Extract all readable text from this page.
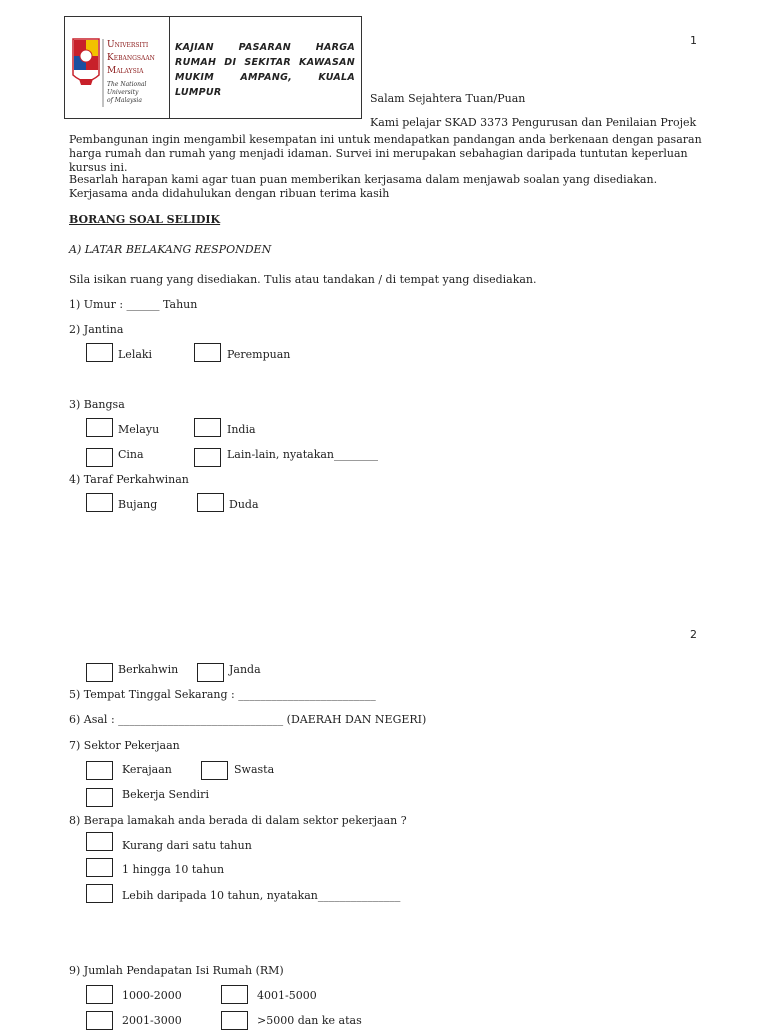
1
2
Universiti
Kebangsaan
Malaysia
The National University
of Malaysia
KAJIAN PASARAN HARGA RUMAH DI SEKITAR KAWASAN MUKIM AMPANG, KUALA LUMPUR	Salam Sejahtera Tuan/Puan
Kami pelajar SKAD 3373 Pengurusan dan Penilaian Projek
Pembangunan ingin mengambil kesempatan ini untuk mendapatkan pandangan anda berkenaan dengan pasaran harga rumah dan rumah yang menjadi idaman. Survei ini merupakan sebahagian daripada tuntutan keperluan kursus ini.
Besarlah harapan kami agar tuan puan memberikan kerjasama dalam menjawab soalan yang disediakan. Kerjasama anda didahulukan dengan ribuan terima kasih
BORANG SOAL SELIDIK
A) LATAR BELAKANG RESPONDEN
Sila isikan ruang yang disediakan. Tulis atau tandakan / di tempat yang disediakan.
1) Umur : ______ Tahun
2) Jantina
Lelaki	Perempuan
3) Bangsa
Melayu	India
Cina	Lain-lain, nyatakan________
4) Taraf Perkahwinan
Bujang	Duda
Berkahwin	Janda
5) Tempat Tinggal Sekarang : _________________________
6) Asal : ______________________________ (DAERAH DAN NEGERI)
7) Sektor Pekerjaan
Kerajaan	Swasta
Bekerja Sendiri
8) Berapa lamakah anda berada di dalam sektor pekerjaan ?
Kurang dari satu tahun
1 hingga 10 tahun
Lebih daripada 10 tahun, nyatakan_______________
9) Jumlah Pendapatan Isi Rumah (RM)
1000-2000	4001-5000
2001-3000	>5000 dan ke atas
